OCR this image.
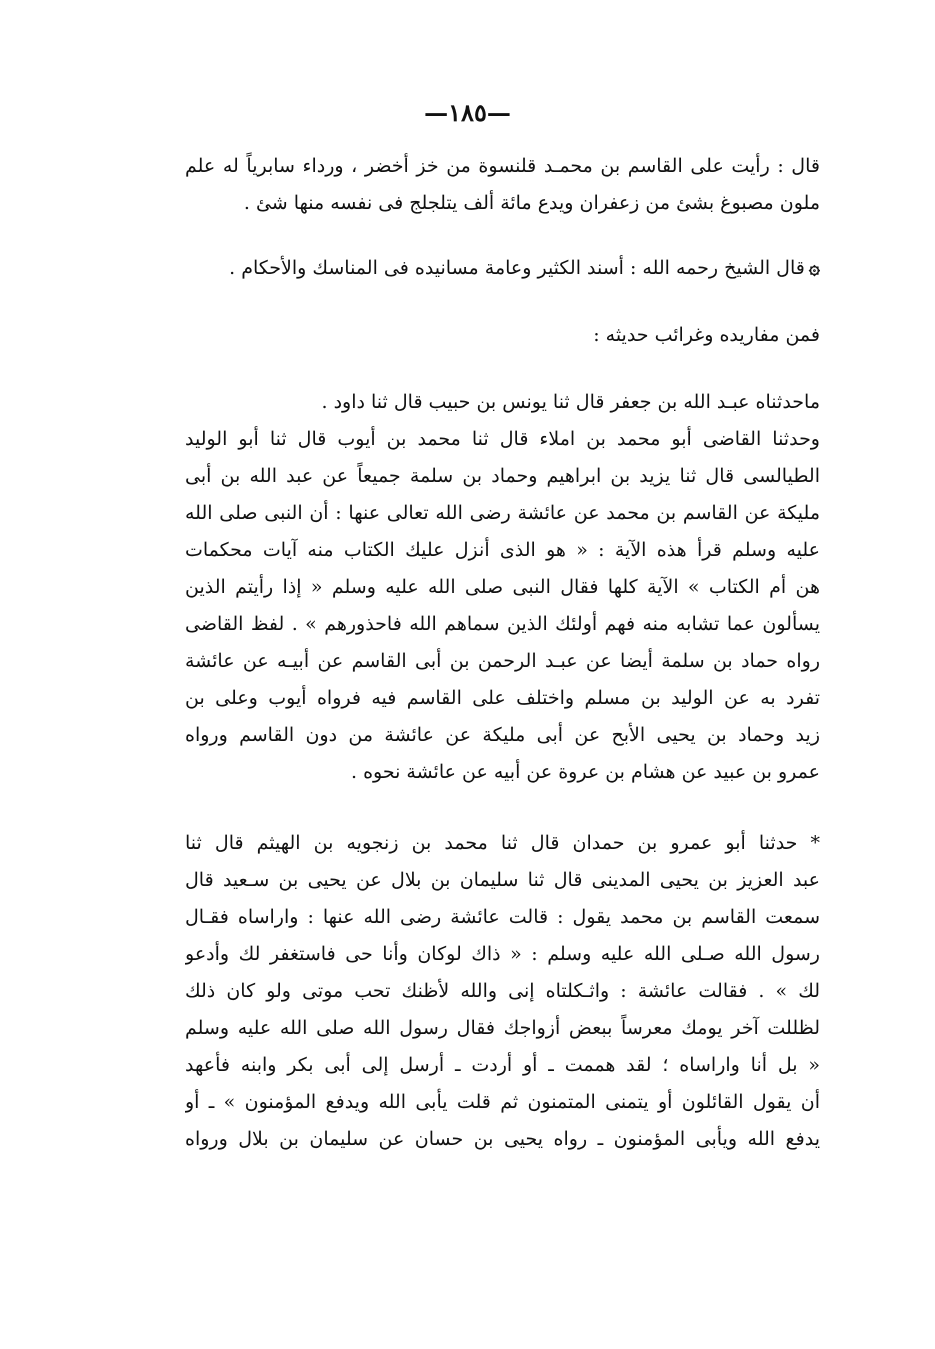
—١٨٥—
قال : رأيت على القاسم بن محمـد قلنسوة من خز أخضر ، ورداء سابرياً له علم
ملون مصبوغ بشئ من زعفران ويدع مائة ألف يتلجلج فى نفسه منها شئ .
۞قال الشيخ رحمه الله : أسند الكثير وعامة مسانيده فى المناسك والأحكام .
فمن مفاريده وغرائب حديثه :
ماحدثناه عبـد الله بن جعفر قال ثنا يونس بن حبيب قال ثنا داود .
وحدثنا القاضى أبو محمد بن املاء قال ثنا محمد بن أيوب قال ثنا أبو الوليد
الطيالسى قال ثنا يزيد بن ابراهيم وحماد بن سلمة جميعاً عن عبد الله بن أبى
مليكة عن القاسم بن محمد عن عائشة رضى الله تعالى عنها : أن النبى صلى الله
عليه وسلم قرأ هذه الآية : « هو الذى أنزل عليك الكتاب منه آيات محكمات
هن أم الكتاب » الآية كلها فقال النبى صلى الله عليه وسلم « إذا رأيتم الذين
يسألون عما تشابه منه فهم أولئك الذين سماهم الله فاحذورهم » . لفظ القاضى
رواه حماد بن سلمة أيضا عن عبـد الرحمن بن أبى القاسم عن أبيـه عن عائشة
تفرد به عن الوليد بن مسلم واختلف على القاسم فيه فرواه أيوب وعلى بن
زيد وحماد بن يحيى الأبح عن أبى مليكة عن عائشة من دون القاسم ورواه
عمرو بن عبيد عن هشام بن عروة عن أبيه عن عائشة نحوه .
* حدثنا أبو عمرو بن حمدان قال ثنا محمد بن زنجويه بن الهيثم قال ثنا
عبد العزيز بن يحيى المدينى قال ثنا سليمان بن بلال عن يحيى بن سـعيد قال
سمعت القاسم بن محمد يقول : قالت عائشة رضى الله عنها : واراساه فقـال
رسول الله صـلى الله عليه وسلم : « ذاك لوكان وأنا حى فاستغفر لك وأدعو
لك » . فقالت عائشة : واثـكلتاه إنى والله لأظنك تحب موتى ولو كان ذلك
لظللت آخر يومك معرساً ببعض أزواجك فقال رسول الله صلى الله عليه وسلم
« بل أنا واراساه ؛ لقد هممت ـ أو أردت ـ أرسل إلى أبى بكر وابنه فأعهد
أن يقول القائلون أو يتمنى المتمنون ثم قلت يأبى الله ويدفع المؤمنون » ـ أو
يدفع الله ويأبى المؤمنون ـ رواه يحيى بن حسان عن سليمان بن بلال ورواه
